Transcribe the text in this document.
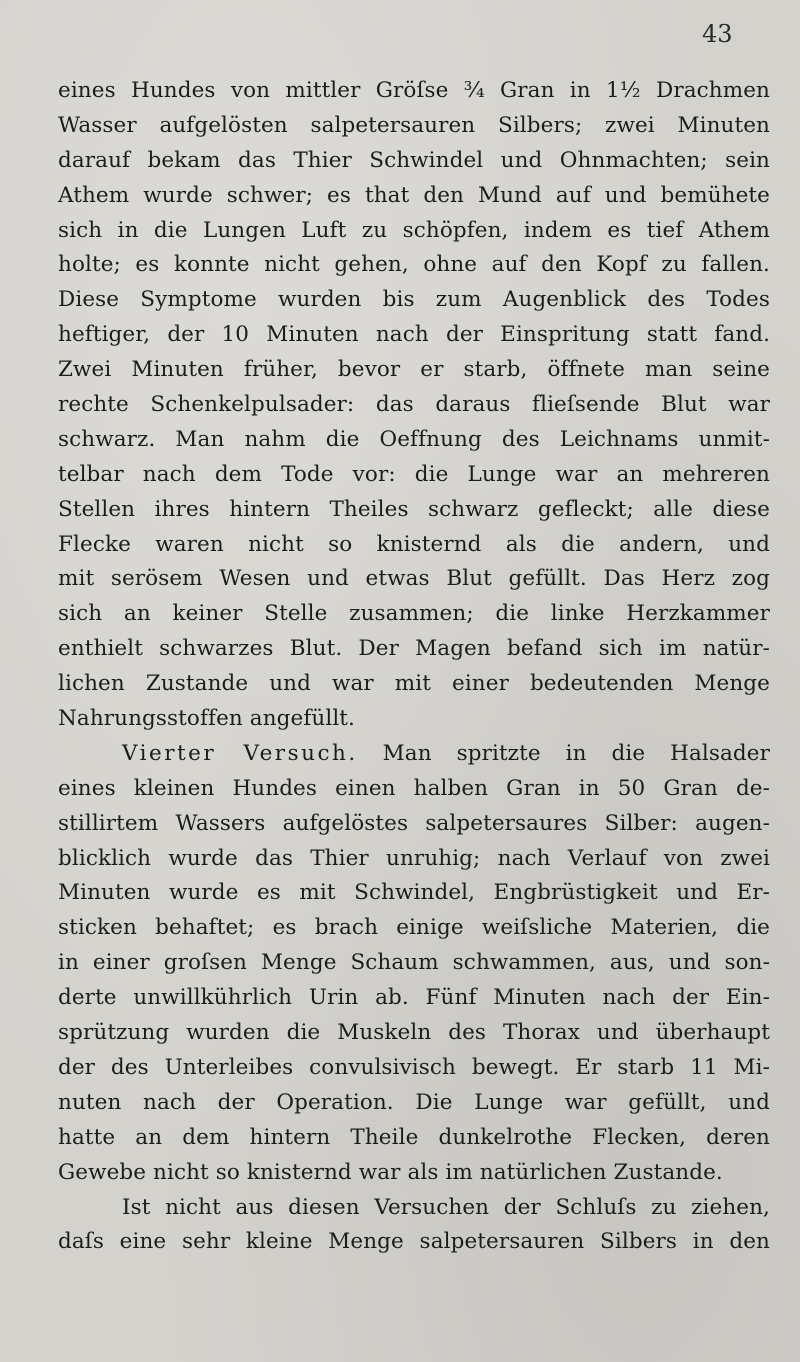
43
eines Hundes von mittler Gröſse ¾ Gran in 1½ Drachmen
Wasser aufgelösten salpetersauren Silbers; zwei Minuten
darauf bekam das Thier Schwindel und Ohnmachten; sein
Athem wurde schwer; es that den Mund auf und bemühete
sich in die Lungen Luft zu schöpfen, indem es tief Athem
holte; es konnte nicht gehen, ohne auf den Kopf zu fallen.
Diese Symptome wurden bis zum Augenblick des Todes
heftiger, der 10 Minuten nach der Einspritung statt fand.
Zwei Minuten früher, bevor er starb, öffnete man seine
rechte Schenkelpulsader: das daraus flieſsende Blut war
schwarz. Man nahm die Oeffnung des Leichnams unmit-
telbar nach dem Tode vor: die Lunge war an mehreren
Stellen ihres hintern Theiles schwarz gefleckt; alle diese
Flecke waren nicht so knisternd als die andern, und
mit serösem Wesen und etwas Blut gefüllt. Das Herz zog
sich an keiner Stelle zusammen; die linke Herzkammer
enthielt schwarzes Blut. Der Magen befand sich im natür-
lichen Zustande und war mit einer bedeutenden Menge
Nahrungsstoffen angefüllt.
Vierter Versuch. Man spritzte in die Halsader
eines kleinen Hundes einen halben Gran in 50 Gran de-
stillirtem Wassers aufgelöstes salpetersaures Silber: augen-
blicklich wurde das Thier unruhig; nach Verlauf von zwei
Minuten wurde es mit Schwindel, Engbrüstigkeit und Er-
sticken behaftet; es brach einige weiſsliche Materien, die
in einer groſsen Menge Schaum schwammen, aus, und son-
derte unwillkührlich Urin ab. Fünf Minuten nach der Ein-
sprützung wurden die Muskeln des Thorax und überhaupt
der des Unterleibes convulsivisch bewegt. Er starb 11 Mi-
nuten nach der Operation. Die Lunge war gefüllt, und
hatte an dem hintern Theile dunkelrothe Flecken, deren
Gewebe nicht so knisternd war als im natürlichen Zustande.
Ist nicht aus diesen Versuchen der Schluſs zu ziehen,
daſs eine sehr kleine Menge salpetersauren Silbers in den
